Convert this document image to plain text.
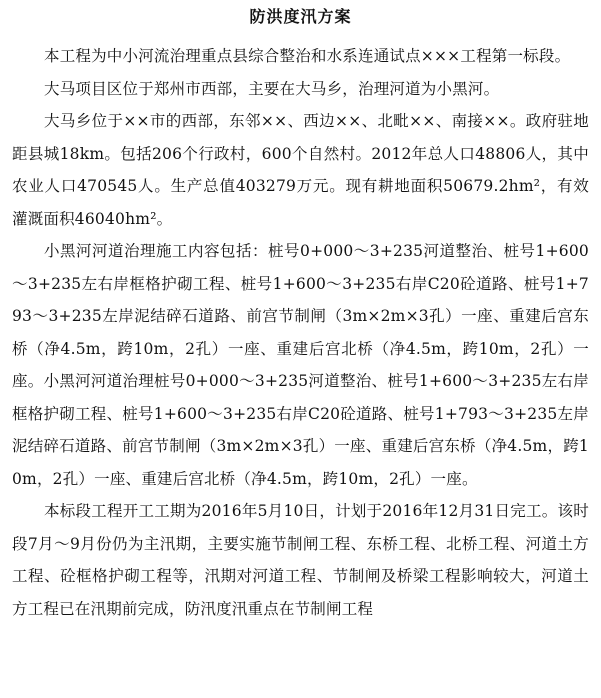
防洪度汛方案

本工程为中小河流治理重点县综合整治和水系连通试点×××工程第一标段。

大马项目区位于郑州市西部，主要在大马乡，治理河道为小黑河。

大马乡位于××市的西部，东邻××、西边××、北毗××、南接××。政府驻地距县城18km。包括206个行政村，600个自然村。2012年总人口48806人，其中农业人口470545人。生产总值403279万元。现有耕地面积50679.2hm²，有效灌溉面积46040hm²。

小黑河河道治理施工内容包括：桩号0+000～3+235河道整治、桩号1+600～3+235左右岸框格护砌工程、桩号1+600～3+235右岸C20砼道路、桩号1+793～3+235左岸泥结碎石道路、前宫节制闸（3m×2m×3孔）一座、重建后宫东桥（净4.5m，跨10m，2孔）一座、重建后宫北桥（净4.5m，跨10m，2孔）一座。小黑河河道治理桩号0+000～3+235河道整治、桩号1+600～3+235左右岸框格护砌工程、桩号1+600～3+235右岸C20砼道路、桩号1+793～3+235左岸泥结碎石道路、前宫节制闸（3m×2m×3孔）一座、重建后宫东桥（净4.5m，跨10m，2孔）一座、重建后宫北桥（净4.5m，跨10m，2孔）一座。

本标段工程开工工期为2016年5月10日，计划于2016年12月31日完工。该时段7月～9月份仍为主汛期，主要实施节制闸工程、东桥工程、北桥工程、河道土方工程、砼框格护砌工程等，汛期对河道工程、节制闸及桥梁工程影响较大，河道土方工程已在汛期前完成，防汛度汛重点在节制闸工程
